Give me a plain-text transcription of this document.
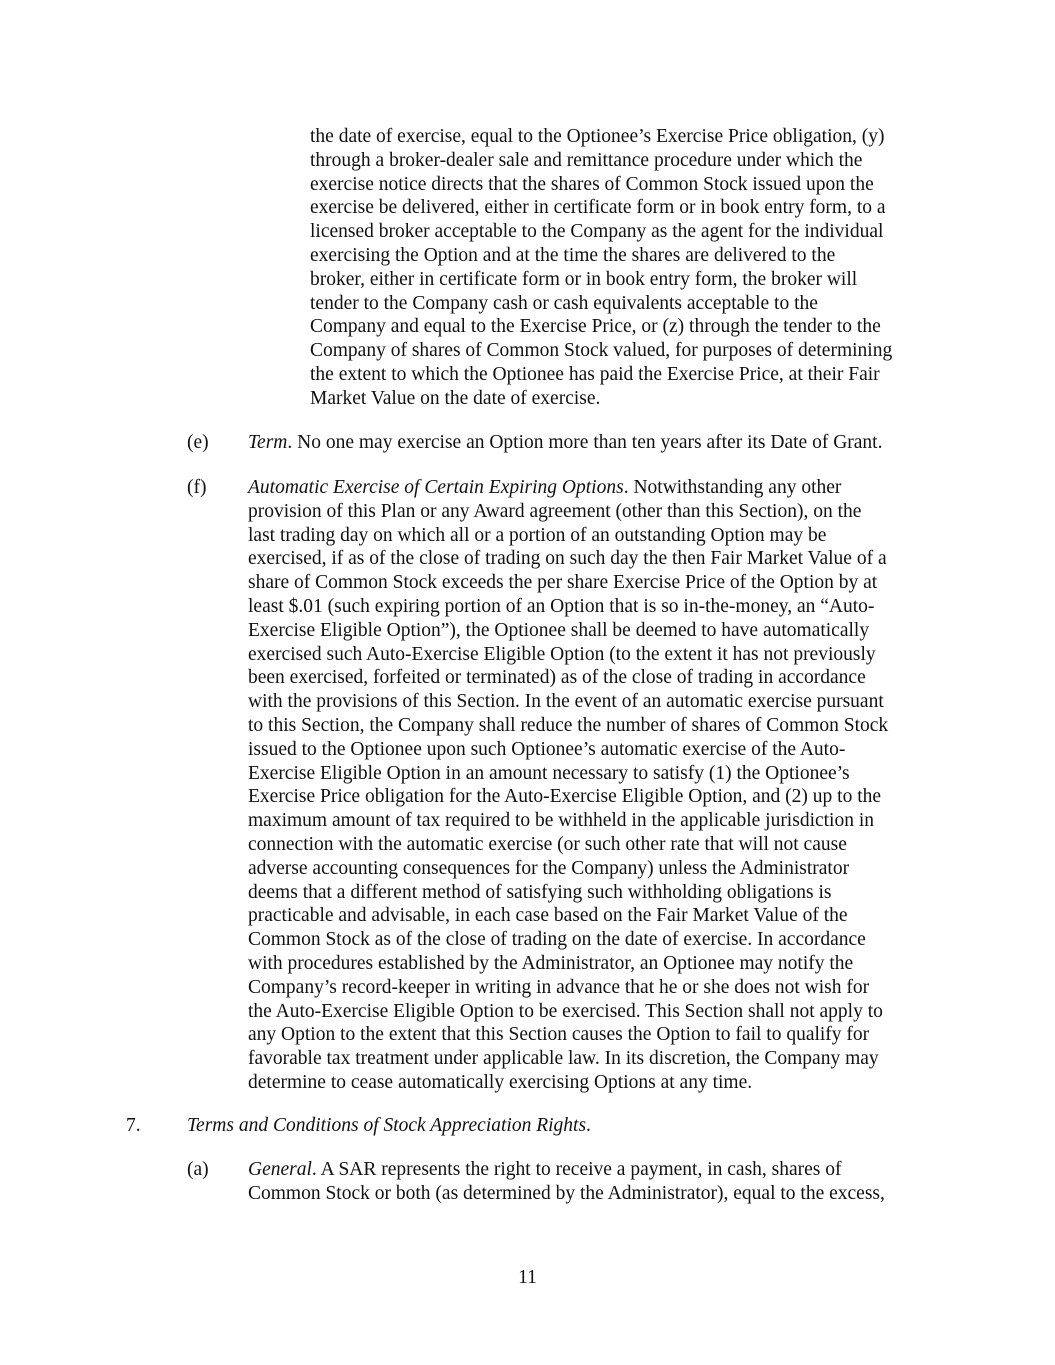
the date of exercise, equal to the Optionee’s Exercise Price obligation, (y)
through a broker-dealer sale and remittance procedure under which the
exercise notice directs that the shares of Common Stock issued upon the
exercise be delivered, either in certificate form or in book entry form, to a
licensed broker acceptable to the Company as the agent for the individual
exercising the Option and at the time the shares are delivered to the
broker, either in certificate form or in book entry form, the broker will
tender to the Company cash or cash equivalents acceptable to the
Company and equal to the Exercise Price, or (z) through the tender to the
Company of shares of Common Stock valued, for purposes of determining
the extent to which the Optionee has paid the Exercise Price, at their Fair
Market Value on the date of exercise.
(e) Term. No one may exercise an Option more than ten years after its Date of Grant.
(f) Automatic Exercise of Certain Expiring Options. Notwithstanding any other
provision of this Plan or any Award agreement (other than this Section), on the
last trading day on which all or a portion of an outstanding Option may be
exercised, if as of the close of trading on such day the then Fair Market Value of a
share of Common Stock exceeds the per share Exercise Price of the Option by at
least $.01 (such expiring portion of an Option that is so in-the-money, an “Auto-
Exercise Eligible Option”), the Optionee shall be deemed to have automatically
exercised such Auto-Exercise Eligible Option (to the extent it has not previously
been exercised, forfeited or terminated) as of the close of trading in accordance
with the provisions of this Section. In the event of an automatic exercise pursuant
to this Section, the Company shall reduce the number of shares of Common Stock
issued to the Optionee upon such Optionee’s automatic exercise of the Auto-
Exercise Eligible Option in an amount necessary to satisfy (1) the Optionee’s
Exercise Price obligation for the Auto-Exercise Eligible Option, and (2) up to the
maximum amount of tax required to be withheld in the applicable jurisdiction in
connection with the automatic exercise (or such other rate that will not cause
adverse accounting consequences for the Company) unless the Administrator
deems that a different method of satisfying such withholding obligations is
practicable and advisable, in each case based on the Fair Market Value of the
Common Stock as of the close of trading on the date of exercise. In accordance
with procedures established by the Administrator, an Optionee may notify the
Company’s record-keeper in writing in advance that he or she does not wish for
the Auto-Exercise Eligible Option to be exercised. This Section shall not apply to
any Option to the extent that this Section causes the Option to fail to qualify for
favorable tax treatment under applicable law. In its discretion, the Company may
determine to cease automatically exercising Options at any time.
7. Terms and Conditions of Stock Appreciation Rights.
(a) General. A SAR represents the right to receive a payment, in cash, shares of
Common Stock or both (as determined by the Administrator), equal to the excess,
11
